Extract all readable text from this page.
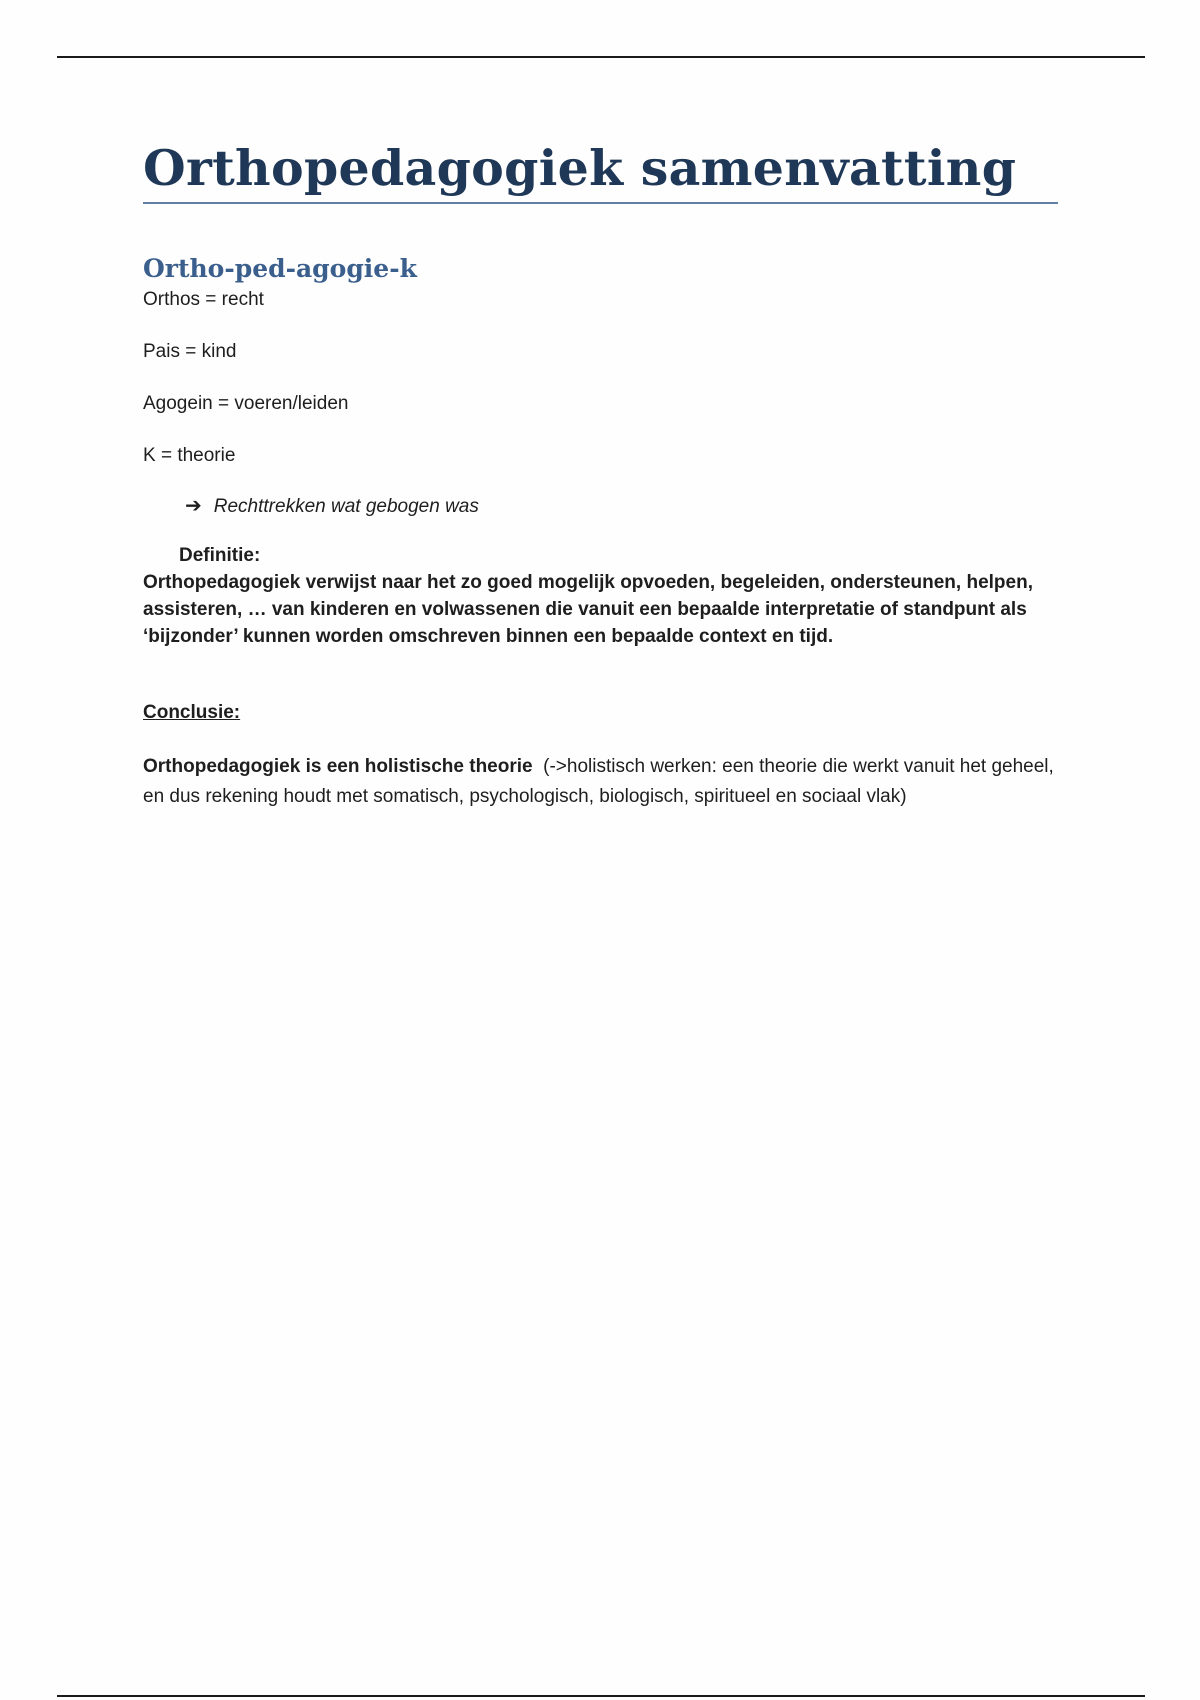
Orthopedagogiek samenvatting
Ortho-ped-agogie-k

Orthos = recht

Pais = kind

Agogein = voeren/leiden

K = theorie

➔ Rechttrekken wat gebogen was

Definitie:

Orthopedagogiek verwijst naar het zo goed mogelijk opvoeden, begeleiden, ondersteunen, helpen, assisteren, … van kinderen en volwassenen die vanuit een bepaalde interpretatie of standpunt als ‘bijzonder’ kunnen worden omschreven binnen een bepaalde context en tijd.

Conclusie:

Orthopedagogiek is een holistische theorie (->holistisch werken: een theorie die werkt vanuit het geheel, en dus rekening houdt met somatisch, psychologisch, biologisch, spiritueel en sociaal vlak)
